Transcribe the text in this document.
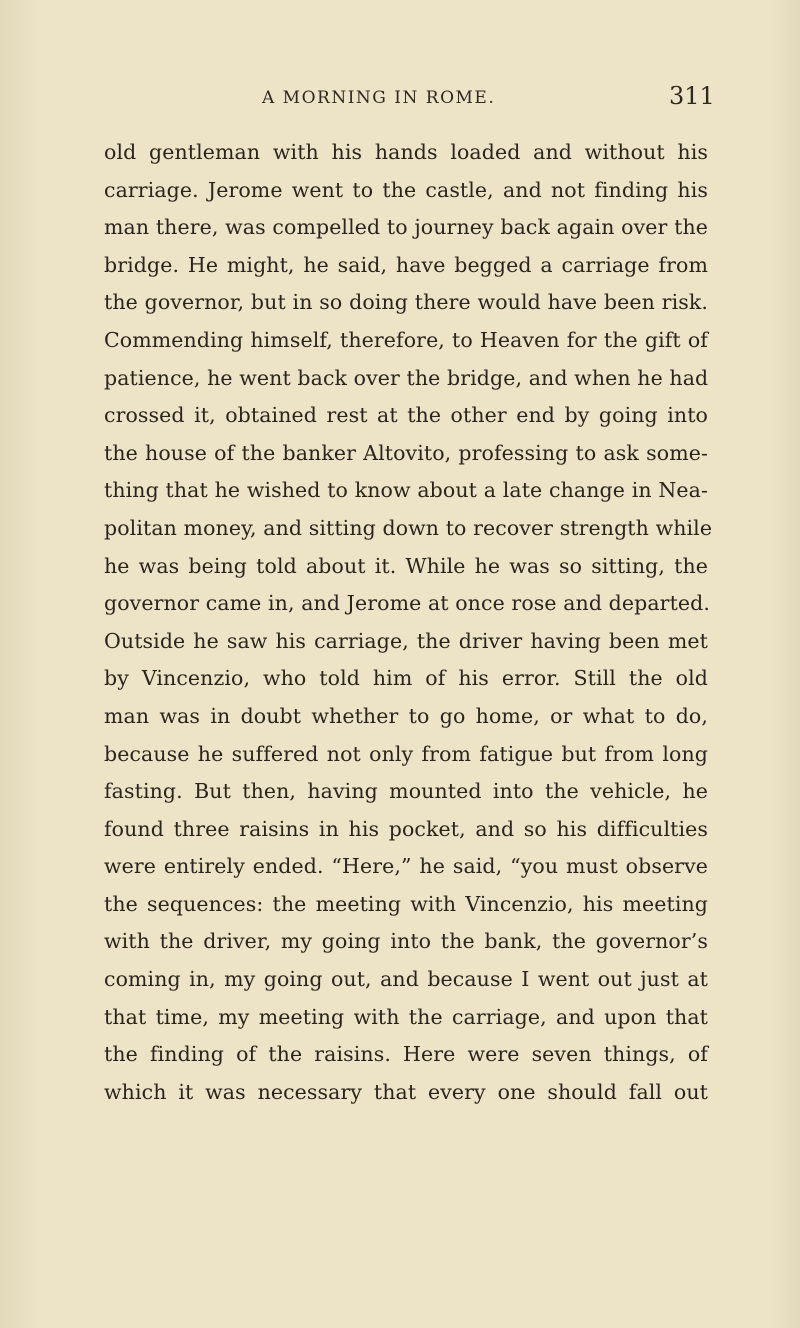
A MORNING IN ROME.	311
old gentleman with his hands loaded and without his
carriage. Jerome went to the castle, and not finding his
man there, was compelled to journey back again over the
bridge. He might, he said, have begged a carriage from
the governor, but in so doing there would have been risk.
Commending himself, therefore, to Heaven for the gift of
patience, he went back over the bridge, and when he had
crossed it, obtained rest at the other end by going into
the house of the banker Altovito, professing to ask some-
thing that he wished to know about a late change in Nea-
politan money, and sitting down to recover strength while
he was being told about it. While he was so sitting, the
governor came in, and Jerome at once rose and departed.
Outside he saw his carriage, the driver having been met
by Vincenzio, who told him of his error. Still the old
man was in doubt whether to go home, or what to do,
because he suffered not only from fatigue but from long
fasting. But then, having mounted into the vehicle, he
found three raisins in his pocket, and so his difficulties
were entirely ended. “Here,” he said, “you must observe
the sequences: the meeting with Vincenzio, his meeting
with the driver, my going into the bank, the governor’s
coming in, my going out, and because I went out just at
that time, my meeting with the carriage, and upon that
the finding of the raisins. Here were seven things, of
which it was necessary that every one should fall out
